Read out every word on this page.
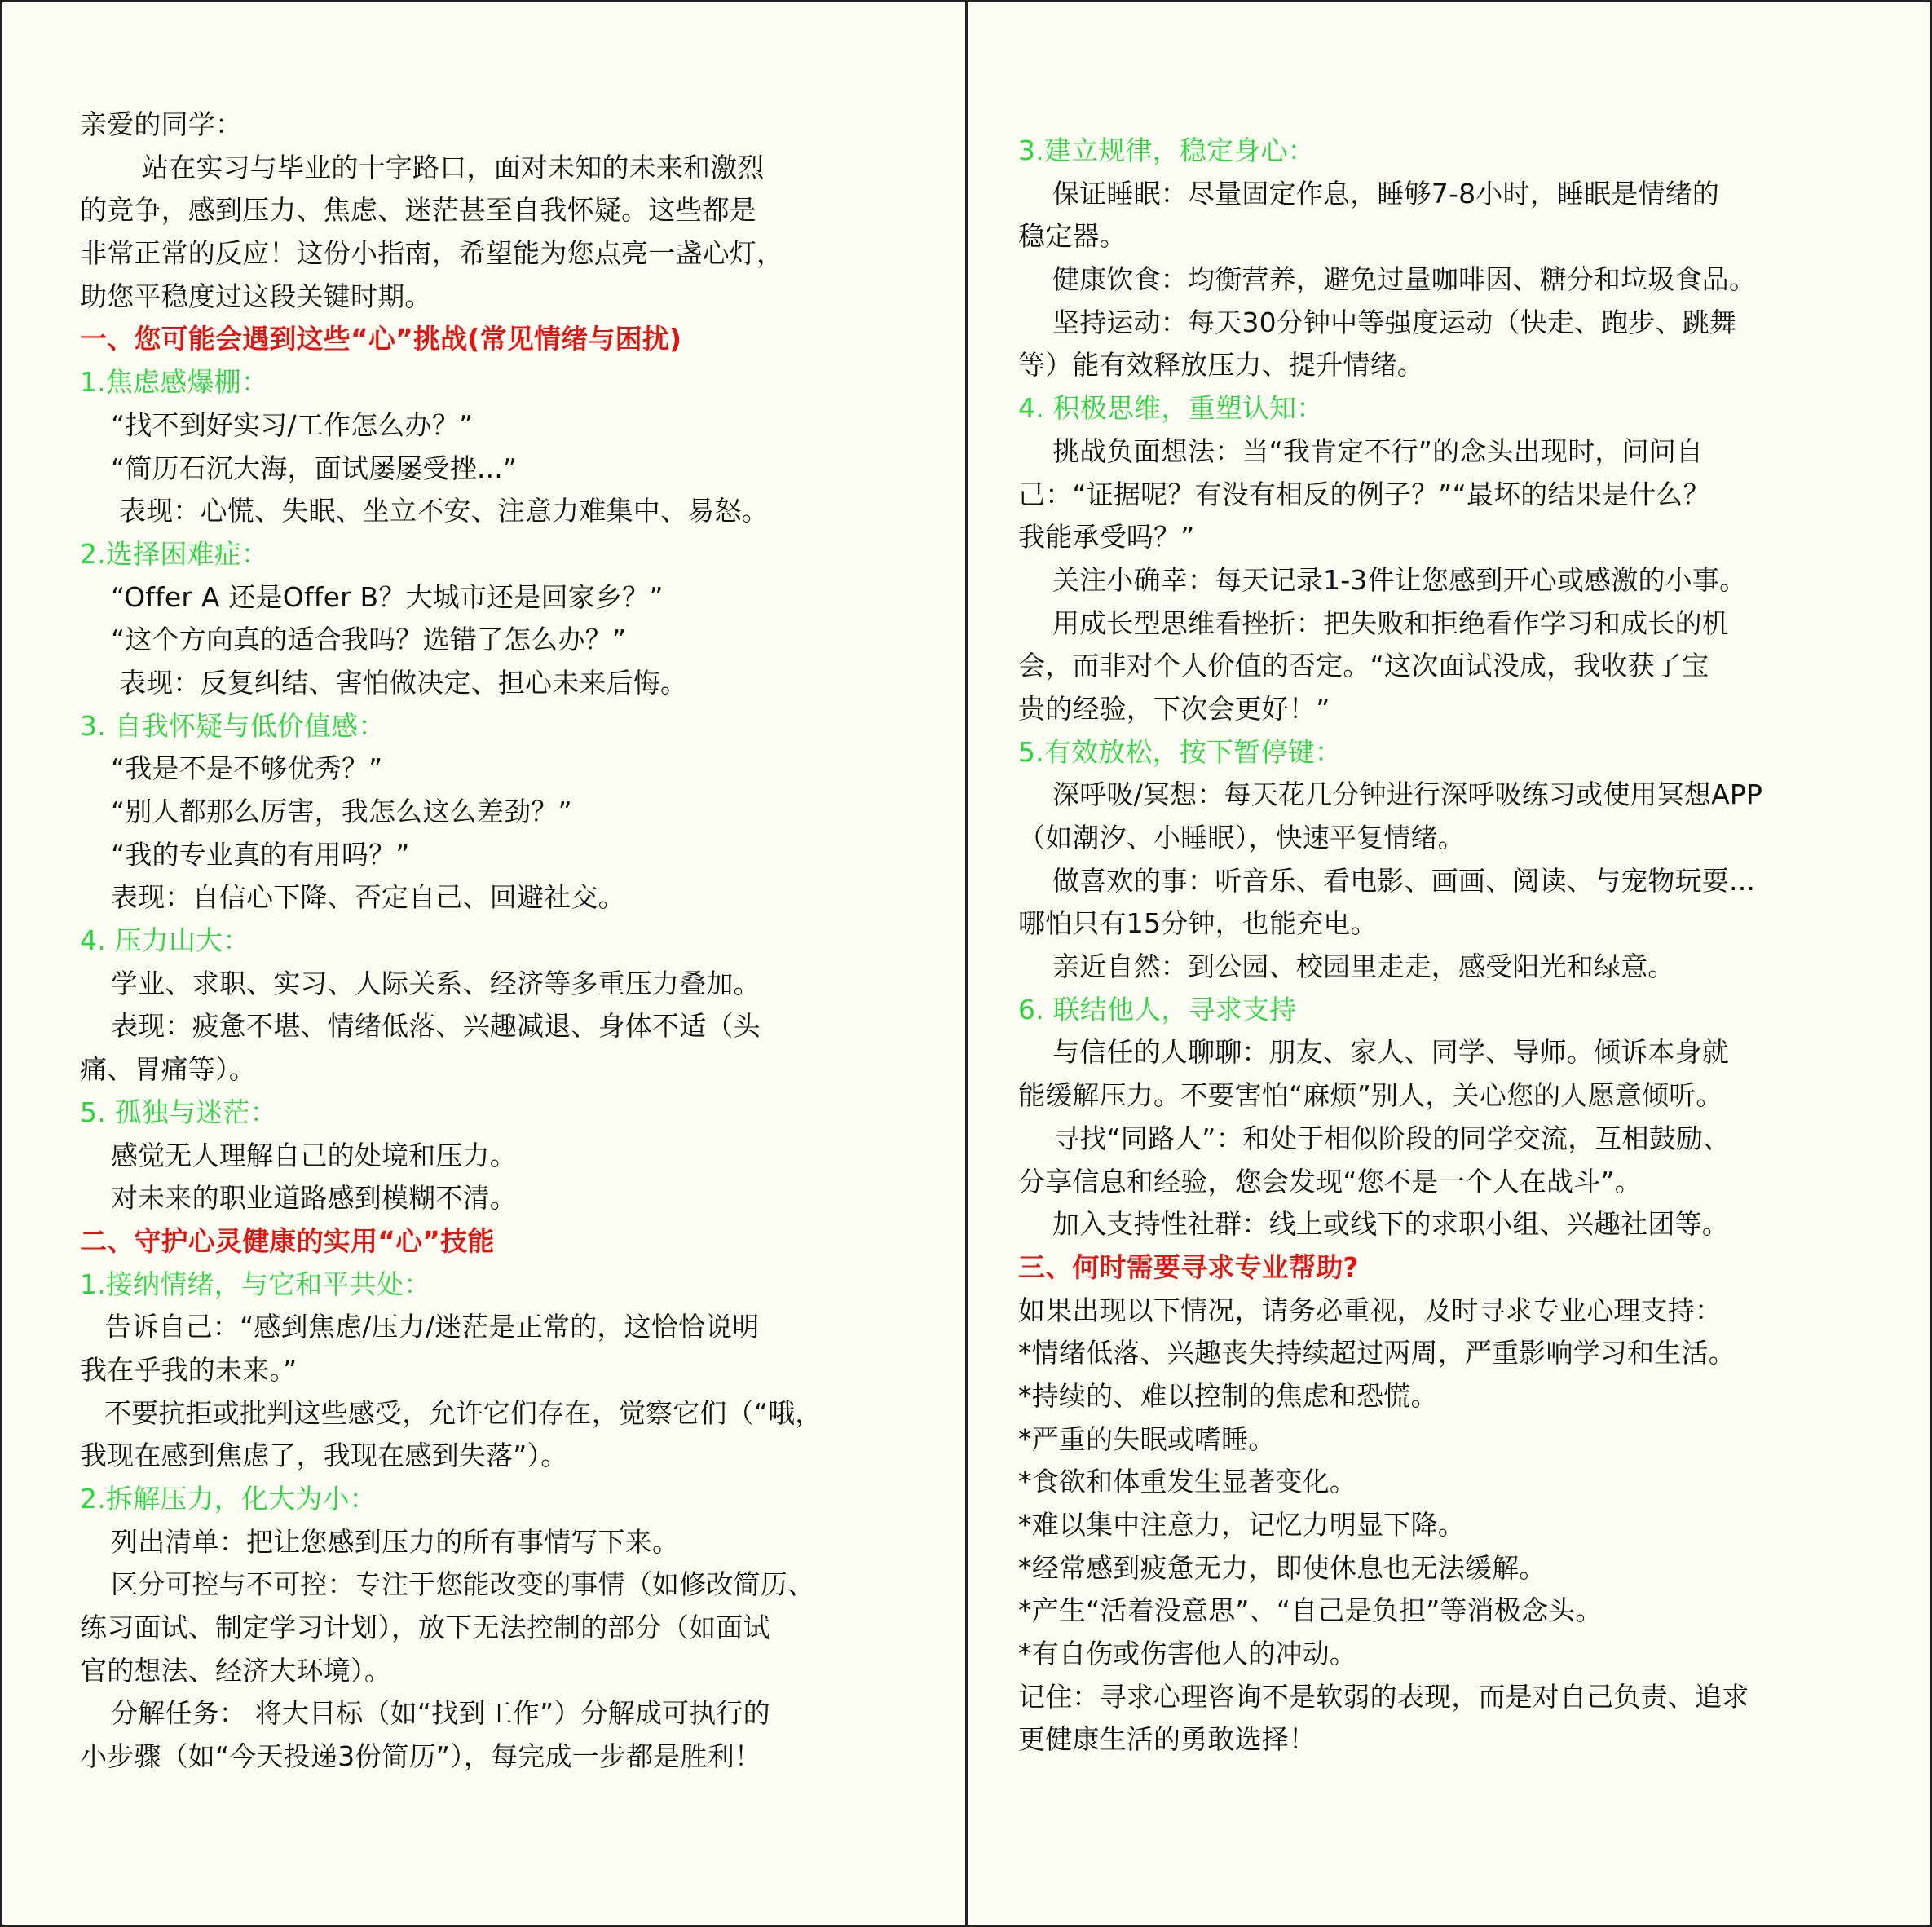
亲爱的同学：
站在实习与毕业的十字路口，面对未知的未来和激烈
的竞争，感到压力、焦虑、迷茫甚至自我怀疑。这些都是
非常正常的反应！这份小指南，希望能为您点亮一盏心灯，
助您平稳度过这段关键时期。
一、您可能会遇到这些“心”挑战(常见情绪与困扰)
1.焦虑感爆棚：
“找不到好实习/工作怎么办？”
“简历石沉大海，面试屡屡受挫...”
表现：心慌、失眠、坐立不安、注意力难集中、易怒。
2.选择困难症：
“Offer A 还是Offer B？大城市还是回家乡？”
“这个方向真的适合我吗？选错了怎么办？”
表现：反复纠结、害怕做决定、担心未来后悔。
3. 自我怀疑与低价值感：
“我是不是不够优秀？”
“别人都那么厉害，我怎么这么差劲？”
“我的专业真的有用吗？”
表现：自信心下降、否定自己、回避社交。
4. 压力山大：
学业、求职、实习、人际关系、经济等多重压力叠加。
表现：疲惫不堪、情绪低落、兴趣减退、身体不适（头
痛、胃痛等）。
5. 孤独与迷茫：
感觉无人理解自己的处境和压力。
对未来的职业道路感到模糊不清。
二、守护心灵健康的实用“心”技能
1.接纳情绪，与它和平共处：
告诉自己：“感到焦虑/压力/迷茫是正常的，这恰恰说明
我在乎我的未来。”
不要抗拒或批判这些感受，允许它们存在，觉察它们（“哦，
我现在感到焦虑了，我现在感到失落”）。
2.拆解压力，化大为小：
列出清单：把让您感到压力的所有事情写下来。
区分可控与不可控：专注于您能改变的事情（如修改简历、
练习面试、制定学习计划），放下无法控制的部分（如面试
官的想法、经济大环境）。
分解任务： 将大目标（如“找到工作”）分解成可执行的
小步骤（如“今天投递3份简历”），每完成一步都是胜利！
3.建立规律，稳定身心：
保证睡眠：尽量固定作息，睡够7-8小时，睡眠是情绪的
稳定器。
健康饮食：均衡营养，避免过量咖啡因、糖分和垃圾食品。
坚持运动：每天30分钟中等强度运动（快走、跑步、跳舞
等）能有效释放压力、提升情绪。
4. 积极思维，重塑认知：
挑战负面想法：当“我肯定不行”的念头出现时，问问自
己：“证据呢？有没有相反的例子？”“最坏的结果是什么？
我能承受吗？”
关注小确幸：每天记录1-3件让您感到开心或感激的小事。
用成长型思维看挫折：把失败和拒绝看作学习和成长的机
会，而非对个人价值的否定。“这次面试没成，我收获了宝
贵的经验，下次会更好！”
5.有效放松，按下暂停键：
深呼吸/冥想：每天花几分钟进行深呼吸练习或使用冥想APP
（如潮汐、小睡眠），快速平复情绪。
做喜欢的事：听音乐、看电影、画画、阅读、与宠物玩耍...
哪怕只有15分钟，也能充电。
亲近自然：到公园、校园里走走，感受阳光和绿意。
6. 联结他人，寻求支持
与信任的人聊聊：朋友、家人、同学、导师。倾诉本身就
能缓解压力。不要害怕“麻烦”别人，关心您的人愿意倾听。
寻找“同路人”：和处于相似阶段的同学交流，互相鼓励、
分享信息和经验，您会发现“您不是一个人在战斗”。
加入支持性社群：线上或线下的求职小组、兴趣社团等。
三、何时需要寻求专业帮助?
如果出现以下情况，请务必重视，及时寻求专业心理支持：
*情绪低落、兴趣丧失持续超过两周，严重影响学习和生活。
*持续的、难以控制的焦虑和恐慌。
*严重的失眠或嗜睡。
*食欲和体重发生显著变化。
*难以集中注意力，记忆力明显下降。
*经常感到疲惫无力，即使休息也无法缓解。
*产生“活着没意思”、“自己是负担”等消极念头。
*有自伤或伤害他人的冲动。
记住：寻求心理咨询不是软弱的表现，而是对自己负责、追求
更健康生活的勇敢选择！
